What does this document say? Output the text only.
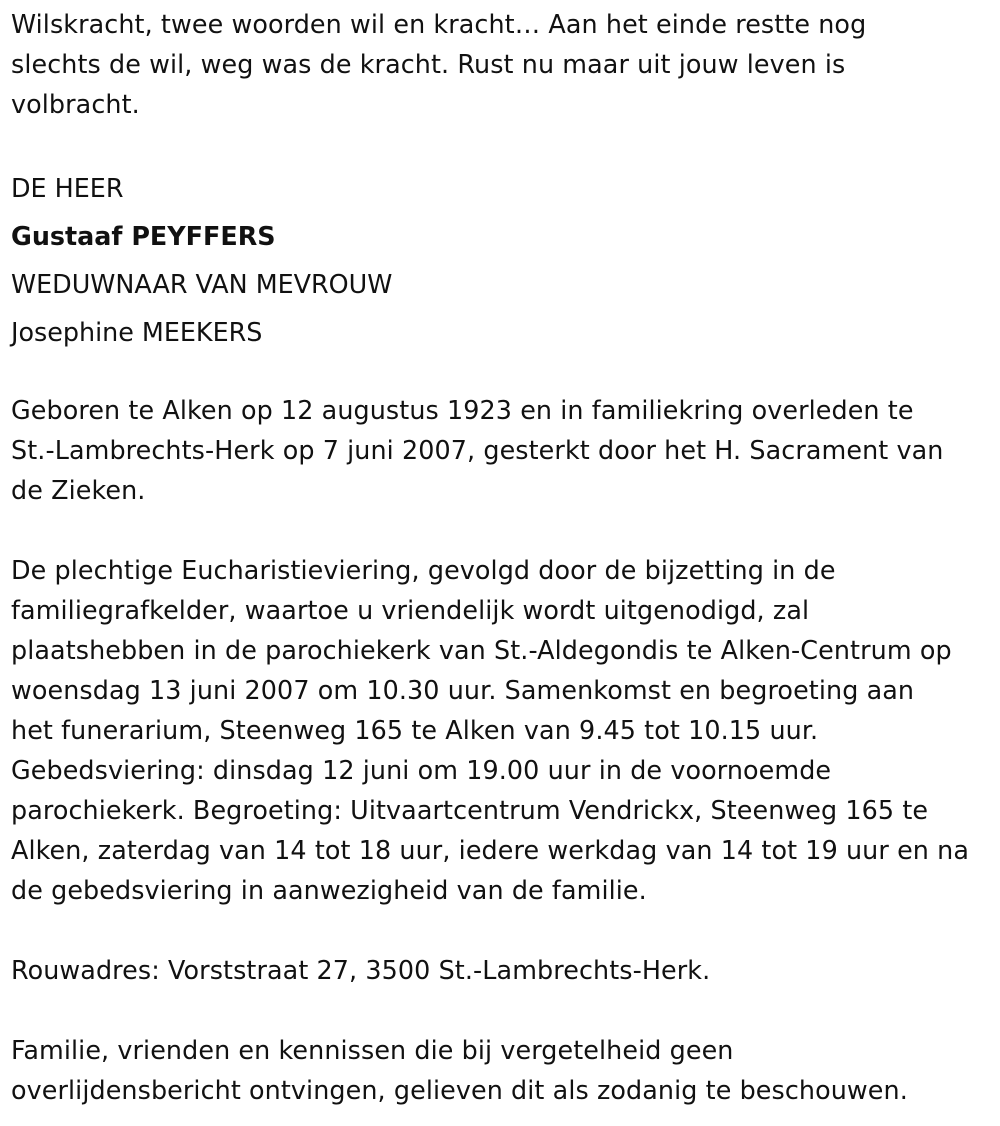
Wilskracht, twee woorden wil en kracht… Aan het einde restte nog
slechts de wil, weg was de kracht. Rust nu maar uit jouw leven is
volbracht.

DE HEER

Gustaaf PEYFFERS

WEDUWNAAR VAN MEVROUW

Josephine MEEKERS

Geboren te Alken op 12 augustus 1923 en in familiekring overleden te
St.-Lambrechts-Herk op 7 juni 2007, gesterkt door het H. Sacrament van
de Zieken.

De plechtige Eucharistieviering, gevolgd door de bijzetting in de
familiegrafkelder, waartoe u vriendelijk wordt uitgenodigd, zal
plaatshebben in de parochiekerk van St.-Aldegondis te Alken-Centrum op
woensdag 13 juni 2007 om 10.30 uur. Samenkomst en begroeting aan
het funerarium, Steenweg 165 te Alken van 9.45 tot 10.15 uur.
Gebedsviering: dinsdag 12 juni om 19.00 uur in de voornoemde
parochiekerk. Begroeting: Uitvaartcentrum Vendrickx, Steenweg 165 te
Alken, zaterdag van 14 tot 18 uur, iedere werkdag van 14 tot 19 uur en na
de gebedsviering in aanwezigheid van de familie.

Rouwadres: Vorststraat 27, 3500 St.-Lambrechts-Herk.

Familie, vrienden en kennissen die bij vergetelheid geen
overlijdensbericht ontvingen, gelieven dit als zodanig te beschouwen.
